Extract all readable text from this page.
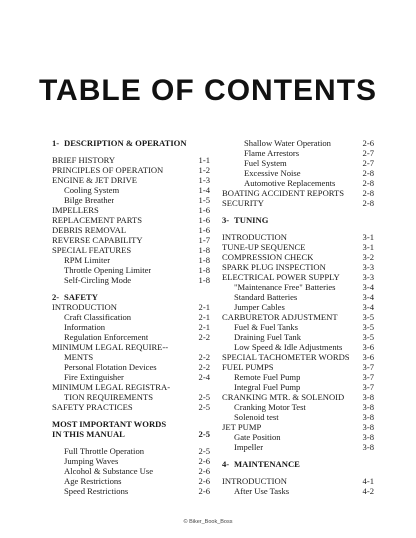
TABLE OF CONTENTS
1- DESCRIPTION & OPERATION
BRIEF HISTORY	1-1
PRINCIPLES OF OPERATION	1-2
ENGINE & JET DRIVE	1-3
Cooling System	1-4
Bilge Breather	1-5
IMPELLERS	1-6
REPLACEMENT PARTS	1-6
DEBRIS REMOVAL	1-6
REVERSE CAPABILITY	1-7
SPECIAL FEATURES	1-8
RPM Limiter	1-8
Throttle Opening Limiter	1-8
Self-Circling Mode	1-8
2- SAFETY
INTRODUCTION	2-1
Craft Classification	2-1
Information	2-1
Regulation Enforcement	2-2
MINIMUM LEGAL REQUIRE--
MENTS	2-2
Personal Flotation Devices	2-2
Fire Extinguisher	2-4
MINIMUM LEGAL REGISTRA-
TION REQUIREMENTS	2-5
SAFETY PRACTICES	2-5
MOST IMPORTANT WORDS
IN THIS MANUAL	2-5
Full Throttle Operation	2-5
Jumping Waves	2-6
Alcohol & Substance Use	2-6
Age Restrictions	2-6
Speed Restrictions	2-6
Shallow Water Operation	2-6
Flame Arrestors	2-7
Fuel System	2-7
Excessive Noise	2-8
Automotive Replacements	2-8
BOATING ACCIDENT REPORTS 2-8
SECURITY	2-8
3- TUNING
INTRODUCTION	3-1
TUNE-UP SEQUENCE	3-1
COMPRESSION CHECK	3-2
SPARK PLUG INSPECTION	3-3
ELECTRICAL POWER SUPPLY	3-3
"Maintenance Free" Batteries	3-4
Standard Batteries	3-4
Jumper Cables	3-4
CARBURETOR ADJUSTMENT	3-5
Fuel & Fuel Tanks	3-5
Draining Fuel Tank	3-5
Low Speed & Idle Adjustments 3-6
SPECIAL TACHOMETER WORDS 3-6
FUEL PUMPS	3-7
Remote Fuel Pump	3-7
Integral Fuel Pump	3-7
CRANKING MTR. & SOLENOID 3-8
Cranking Motor Test	3-8
Solenoid test	3-8
JET PUMP	3-8
Gate Position	3-8
Impeller	3-8
4- MAINTENANCE
INTRODUCTION	4-1
After Use Tasks	4-2
© Biker_Book_Boss
